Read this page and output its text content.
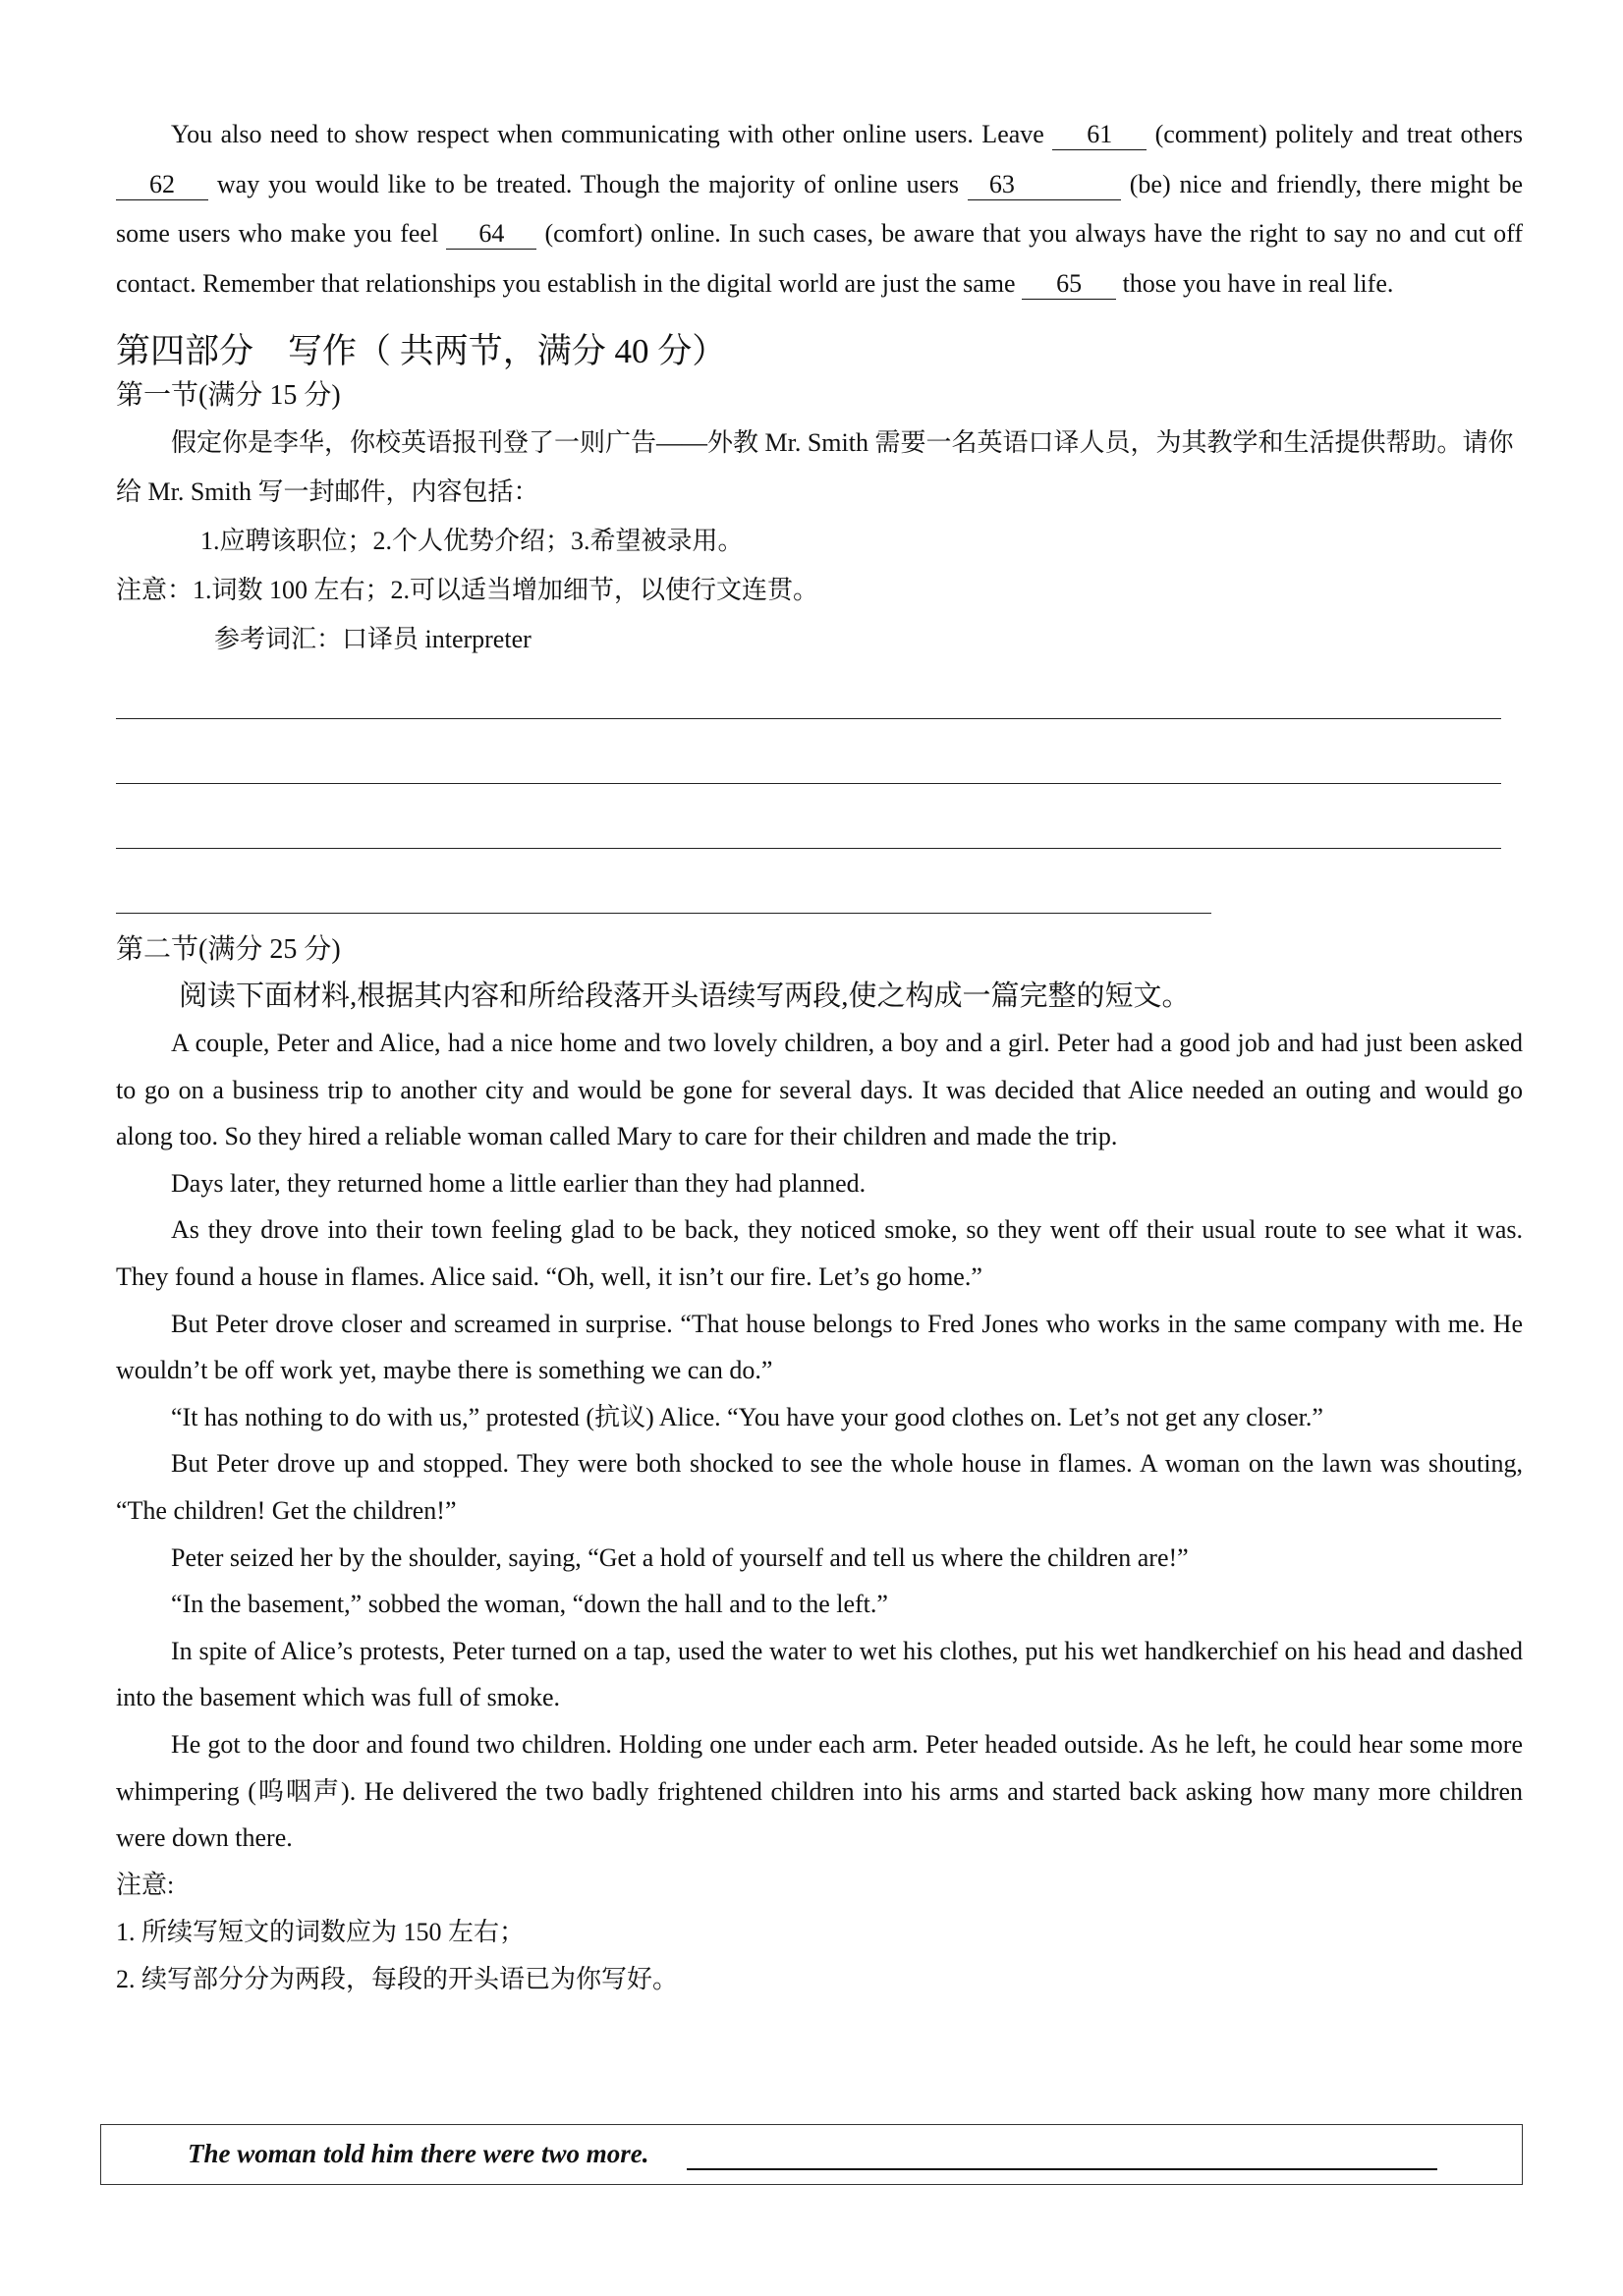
You also need to show respect when communicating with other online users. Leave 61 (comment) politely and treat others 62 way you would like to be treated. Though the majority of online users 63	(be) nice and friendly, there might be some users who make you feel 64 (comfort) online. In such cases, be aware that you always have the right to say no and cut off contact. Remember that relationships you establish in the digital world are just the same 65 those you have in real life.

第四部分　写作（ 共两节，满分 40 分）

第一节(满分 15 分)

假定你是李华，你校英语报刊登了一则广告——外教 Mr. Smith 需要一名英语口译人员，为其教学和生活提供帮助。请你给 Mr. Smith 写一封邮件，内容包括：

1.应聘该职位；2.个人优势介绍；3.希望被录用。

注意：1.词数 100 左右；2.可以适当增加细节，以使行文连贯。

参考词汇：口译员 interpreter

第二节(满分 25 分)

阅读下面材料,根据其内容和所给段落开头语续写两段,使之构成一篇完整的短文。

A couple, Peter and Alice, had a nice home and two lovely children, a boy and a girl. Peter had a good job and had just been asked to go on a business trip to another city and would be gone for several days. It was decided that Alice needed an outing and would go along too. So they hired a reliable woman called Mary to care for their children and made the trip.

Days later, they returned home a little earlier than they had planned.

As they drove into their town feeling glad to be back, they noticed smoke, so they went off their usual route to see what it was. They found a house in flames. Alice said. “Oh, well, it isn’t our fire. Let’s go home.”

But Peter drove closer and screamed in surprise. “That house belongs to Fred Jones who works in the same company with me. He wouldn’t be off work yet, maybe there is something we can do.”

“It has nothing to do with us,” protested (抗议) Alice. “You have your good clothes on. Let’s not get any closer.”

But Peter drove up and stopped. They were both shocked to see the whole house in flames. A woman on the lawn was shouting, “The children! Get the children!”

Peter seized her by the shoulder, saying, “Get a hold of yourself and tell us where the children are!”

“In the basement,” sobbed the woman, “down the hall and to the left.”

In spite of Alice’s protests, Peter turned on a tap, used the water to wet his clothes, put his wet handkerchief on his head and dashed into the basement which was full of smoke.

He got to the door and found two children. Holding one under each arm. Peter headed outside. As he left, he could hear some more whimpering (呜咽声). He delivered the two badly frightened children into his arms and started back asking how many more children were down there.

注意:

1. 所续写短文的词数应为 150 左右；

2. 续写部分分为两段，每段的开头语已为你写好。

The woman told him there were two more.
